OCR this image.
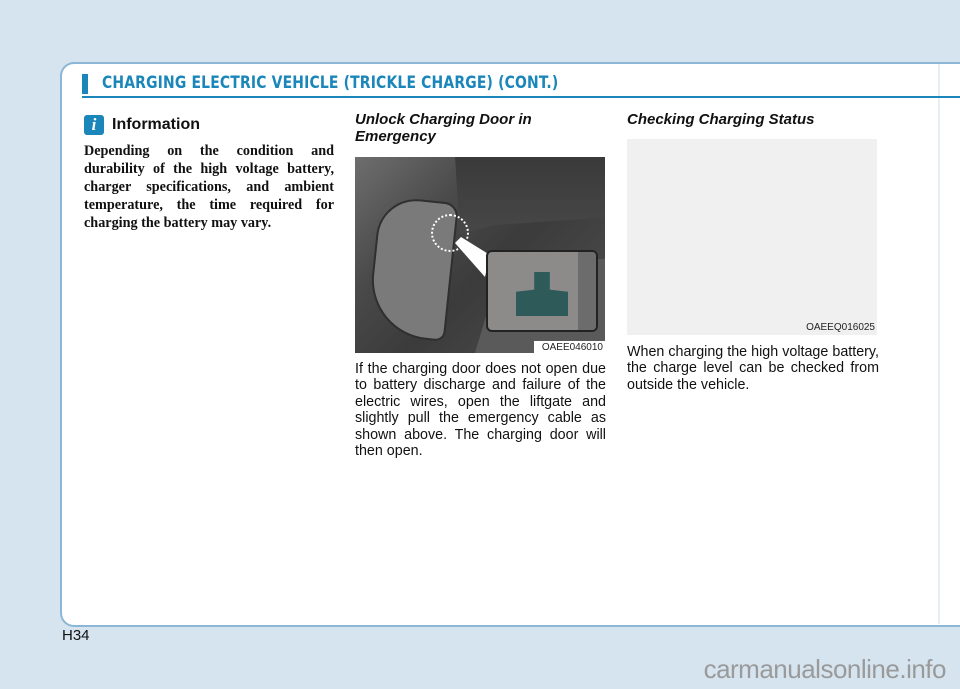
CHARGING ELECTRIC VEHICLE (TRICKLE CHARGE) (CONT.)
i Information
Depending on the condition and durability of the high voltage battery, charger specifications, and ambient temperature, the time required for charging the battery may vary.
Unlock Charging Door in Emergency
OAEE046010
If the charging door does not open due to battery discharge and failure of the electric wires, open the liftgate and slightly pull the emergency cable as shown above. The charging door will then open.
Checking Charging Status
OAEEQ016025
When charging the high voltage battery, the charge level can be checked from outside the vehicle.
H34
carmanualsonline.info
